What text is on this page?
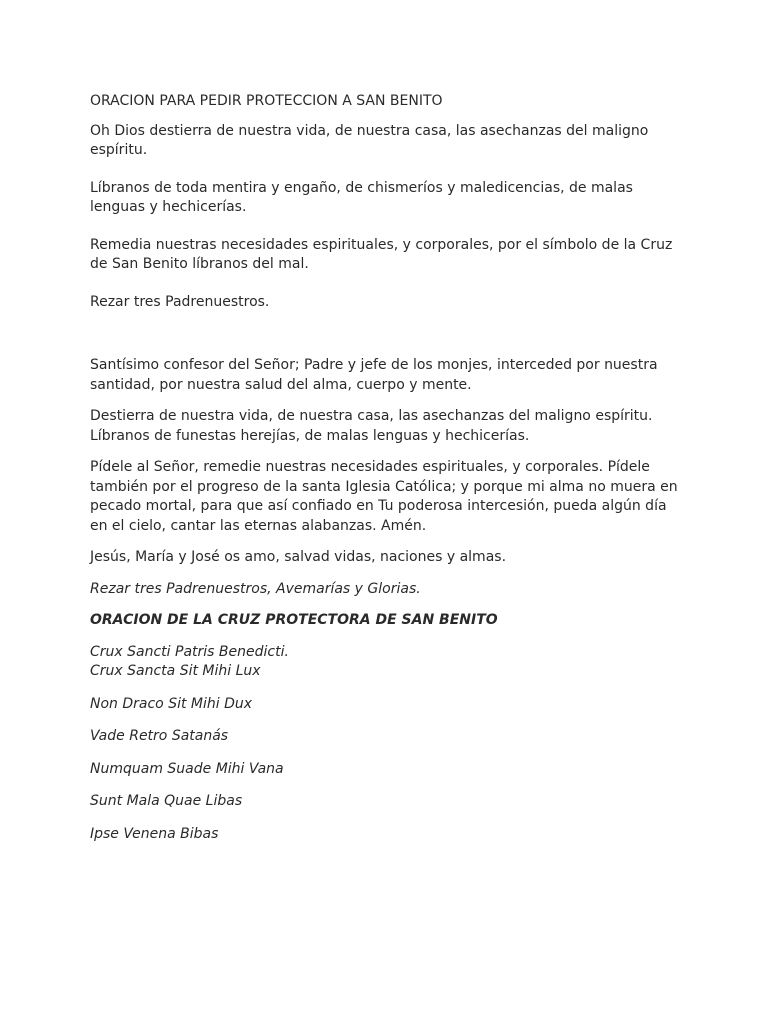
ORACION PARA PEDIR PROTECCION A SAN BENITO

Oh Dios destierra de nuestra vida, de nuestra casa, las asechanzas del maligno

espíritu.

Líbranos de toda mentira y engaño, de chismeríos y maledicencias, de malas

lenguas y hechicerías.

Remedia nuestras necesidades espirituales, y corporales, por el símbolo de la Cruz

de San Benito líbranos del mal.

Rezar tres Padrenuestros.

Santísimo confesor del Señor; Padre y jefe de los monjes, interceded por nuestra

santidad, por nuestra salud del alma, cuerpo y mente.

Destierra de nuestra vida, de nuestra casa, las asechanzas del maligno espíritu.

Líbranos de funestas herejías, de malas lenguas y hechicerías.

Pídele al Señor, remedie nuestras necesidades espirituales, y corporales. Pídele

también por el progreso de la santa Iglesia Católica; y porque mi alma no muera en

pecado mortal, para que así confiado en Tu poderosa intercesión, pueda algún día

en el cielo, cantar las eternas alabanzas. Amén.

Jesús, María y José os amo, salvad vidas, naciones y almas.

Rezar tres Padrenuestros, Avemarías y Glorias.

ORACION DE LA CRUZ PROTECTORA DE SAN BENITO

Crux Sancti Patris Benedicti.

Crux Sancta Sit Mihi Lux

Non Draco Sit Mihi Dux

Vade Retro Satanás

Numquam Suade Mihi Vana

Sunt Mala Quae Libas

Ipse Venena Bibas
